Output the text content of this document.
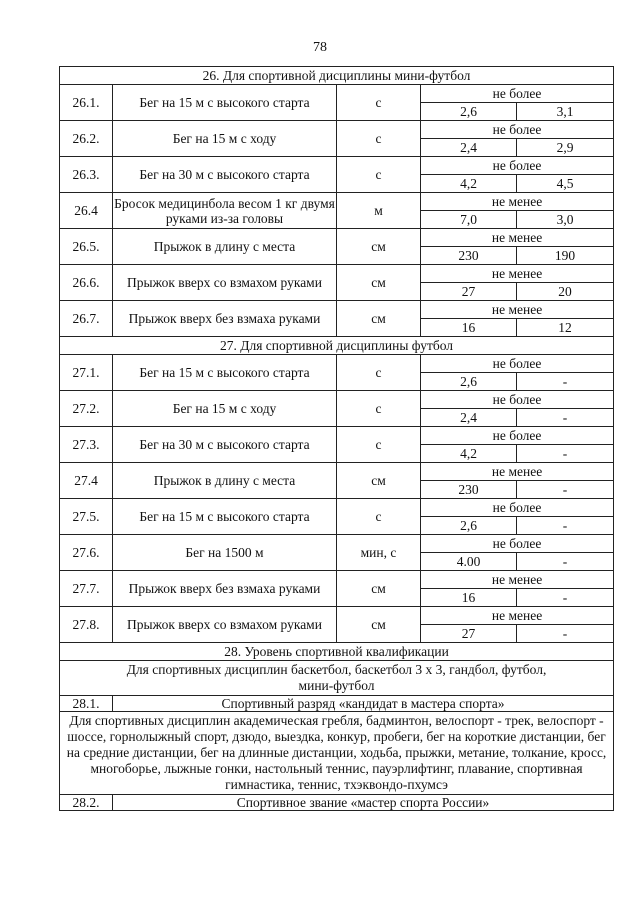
78
26. Для спортивной дисциплины мини-футбол				
26.1.	Бег на 15 м с высокого старта	с	не более	
			2,6	3,1
26.2.	Бег на 15 м с ходу	с	не более	
			2,4	2,9
26.3.	Бег на 30 м с высокого старта	с	не более	
			4,2	4,5
26.4	Бросок медицинбола весом 1 кг двумя руками из-за головы	м	не менее	
			7,0	3,0
26.5.	Прыжок в длину с места	см	не менее	
			230	190
26.6.	Прыжок вверх со взмахом руками	см	не менее	
			27	20
26.7.	Прыжок вверх без взмаха руками	см	не менее	
			16	12
27. Для спортивной дисциплины футбол				
27.1.	Бег на 15 м с высокого старта	с	не более	
			2,6	-
27.2.	Бег на 15 м с ходу	с	не более	
			2,4	-
27.3.	Бег на 30 м с высокого старта	с	не более	
			4,2	-
27.4	Прыжок в длину с места	см	не менее	
			230	-
27.5.	Бег на 15 м с высокого старта	с	не более	
			2,6	-
27.6.	Бег на 1500 м	мин, с	не более	
			4.00	-
27.7.	Прыжок вверх без взмаха руками	см	не менее	
			16	-
27.8.	Прыжок вверх со взмахом руками	см	не менее	
			27	-
28. Уровень спортивной квалификации				
Для спортивных дисциплин баскетбол, баскетбол 3 x 3, гандбол, футбол, мини-футбол				
28.1.	Спортивный разряд «кандидат в мастера спорта»			
Для спортивных дисциплин академическая гребля, бадминтон, велоспорт - трек, велоспорт - шоссе, горнолыжный спорт, дзюдо, выездка, конкур, пробеги, бег на короткие дистанции, бег на средние дистанции, бег на длинные дистанции, ходьба, прыжки, метание, толкание, кросс, многоборье, лыжные гонки, настольный теннис, пауэрлифтинг, плавание, спортивная гимнастика, теннис, тхэквондо-пхумсэ				
28.2.	Спортивное звание «мастер спорта России»			
